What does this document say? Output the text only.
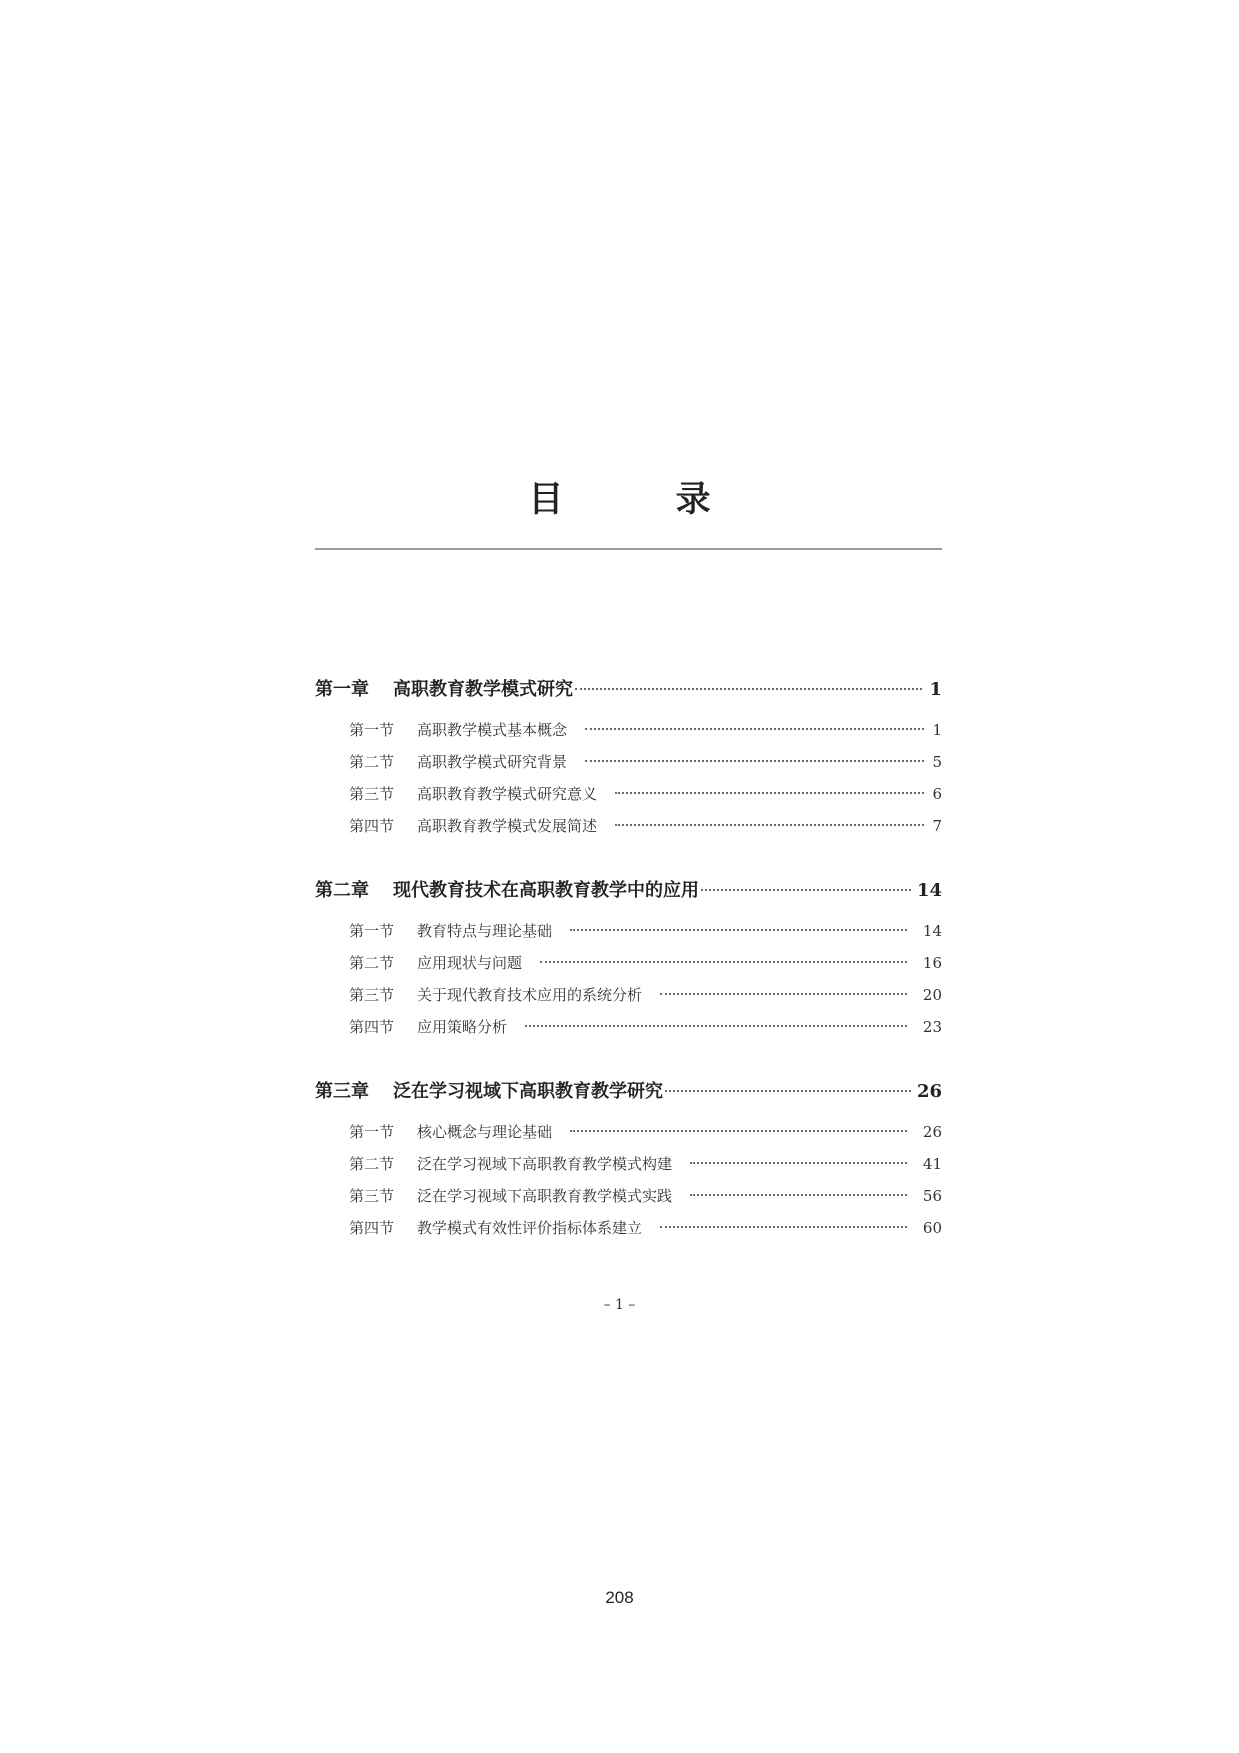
目 录
第一章	高职教育教学模式研究	1
第一节	高职教学模式基本概念	1
第二节	高职教学模式研究背景	5
第三节	高职教育教学模式研究意义	6
第四节	高职教育教学模式发展简述	7
第二章	现代教育技术在高职教育教学中的应用	14
第一节	教育特点与理论基础	14
第二节	应用现状与问题	16
第三节	关于现代教育技术应用的系统分析	20
第四节	应用策略分析	23
第三章	泛在学习视域下高职教育教学研究	26
第一节	核心概念与理论基础	26
第二节	泛在学习视域下高职教育教学模式构建	41
第三节	泛在学习视域下高职教育教学模式实践	56
第四节	教学模式有效性评价指标体系建立	60
– 1 –
208
